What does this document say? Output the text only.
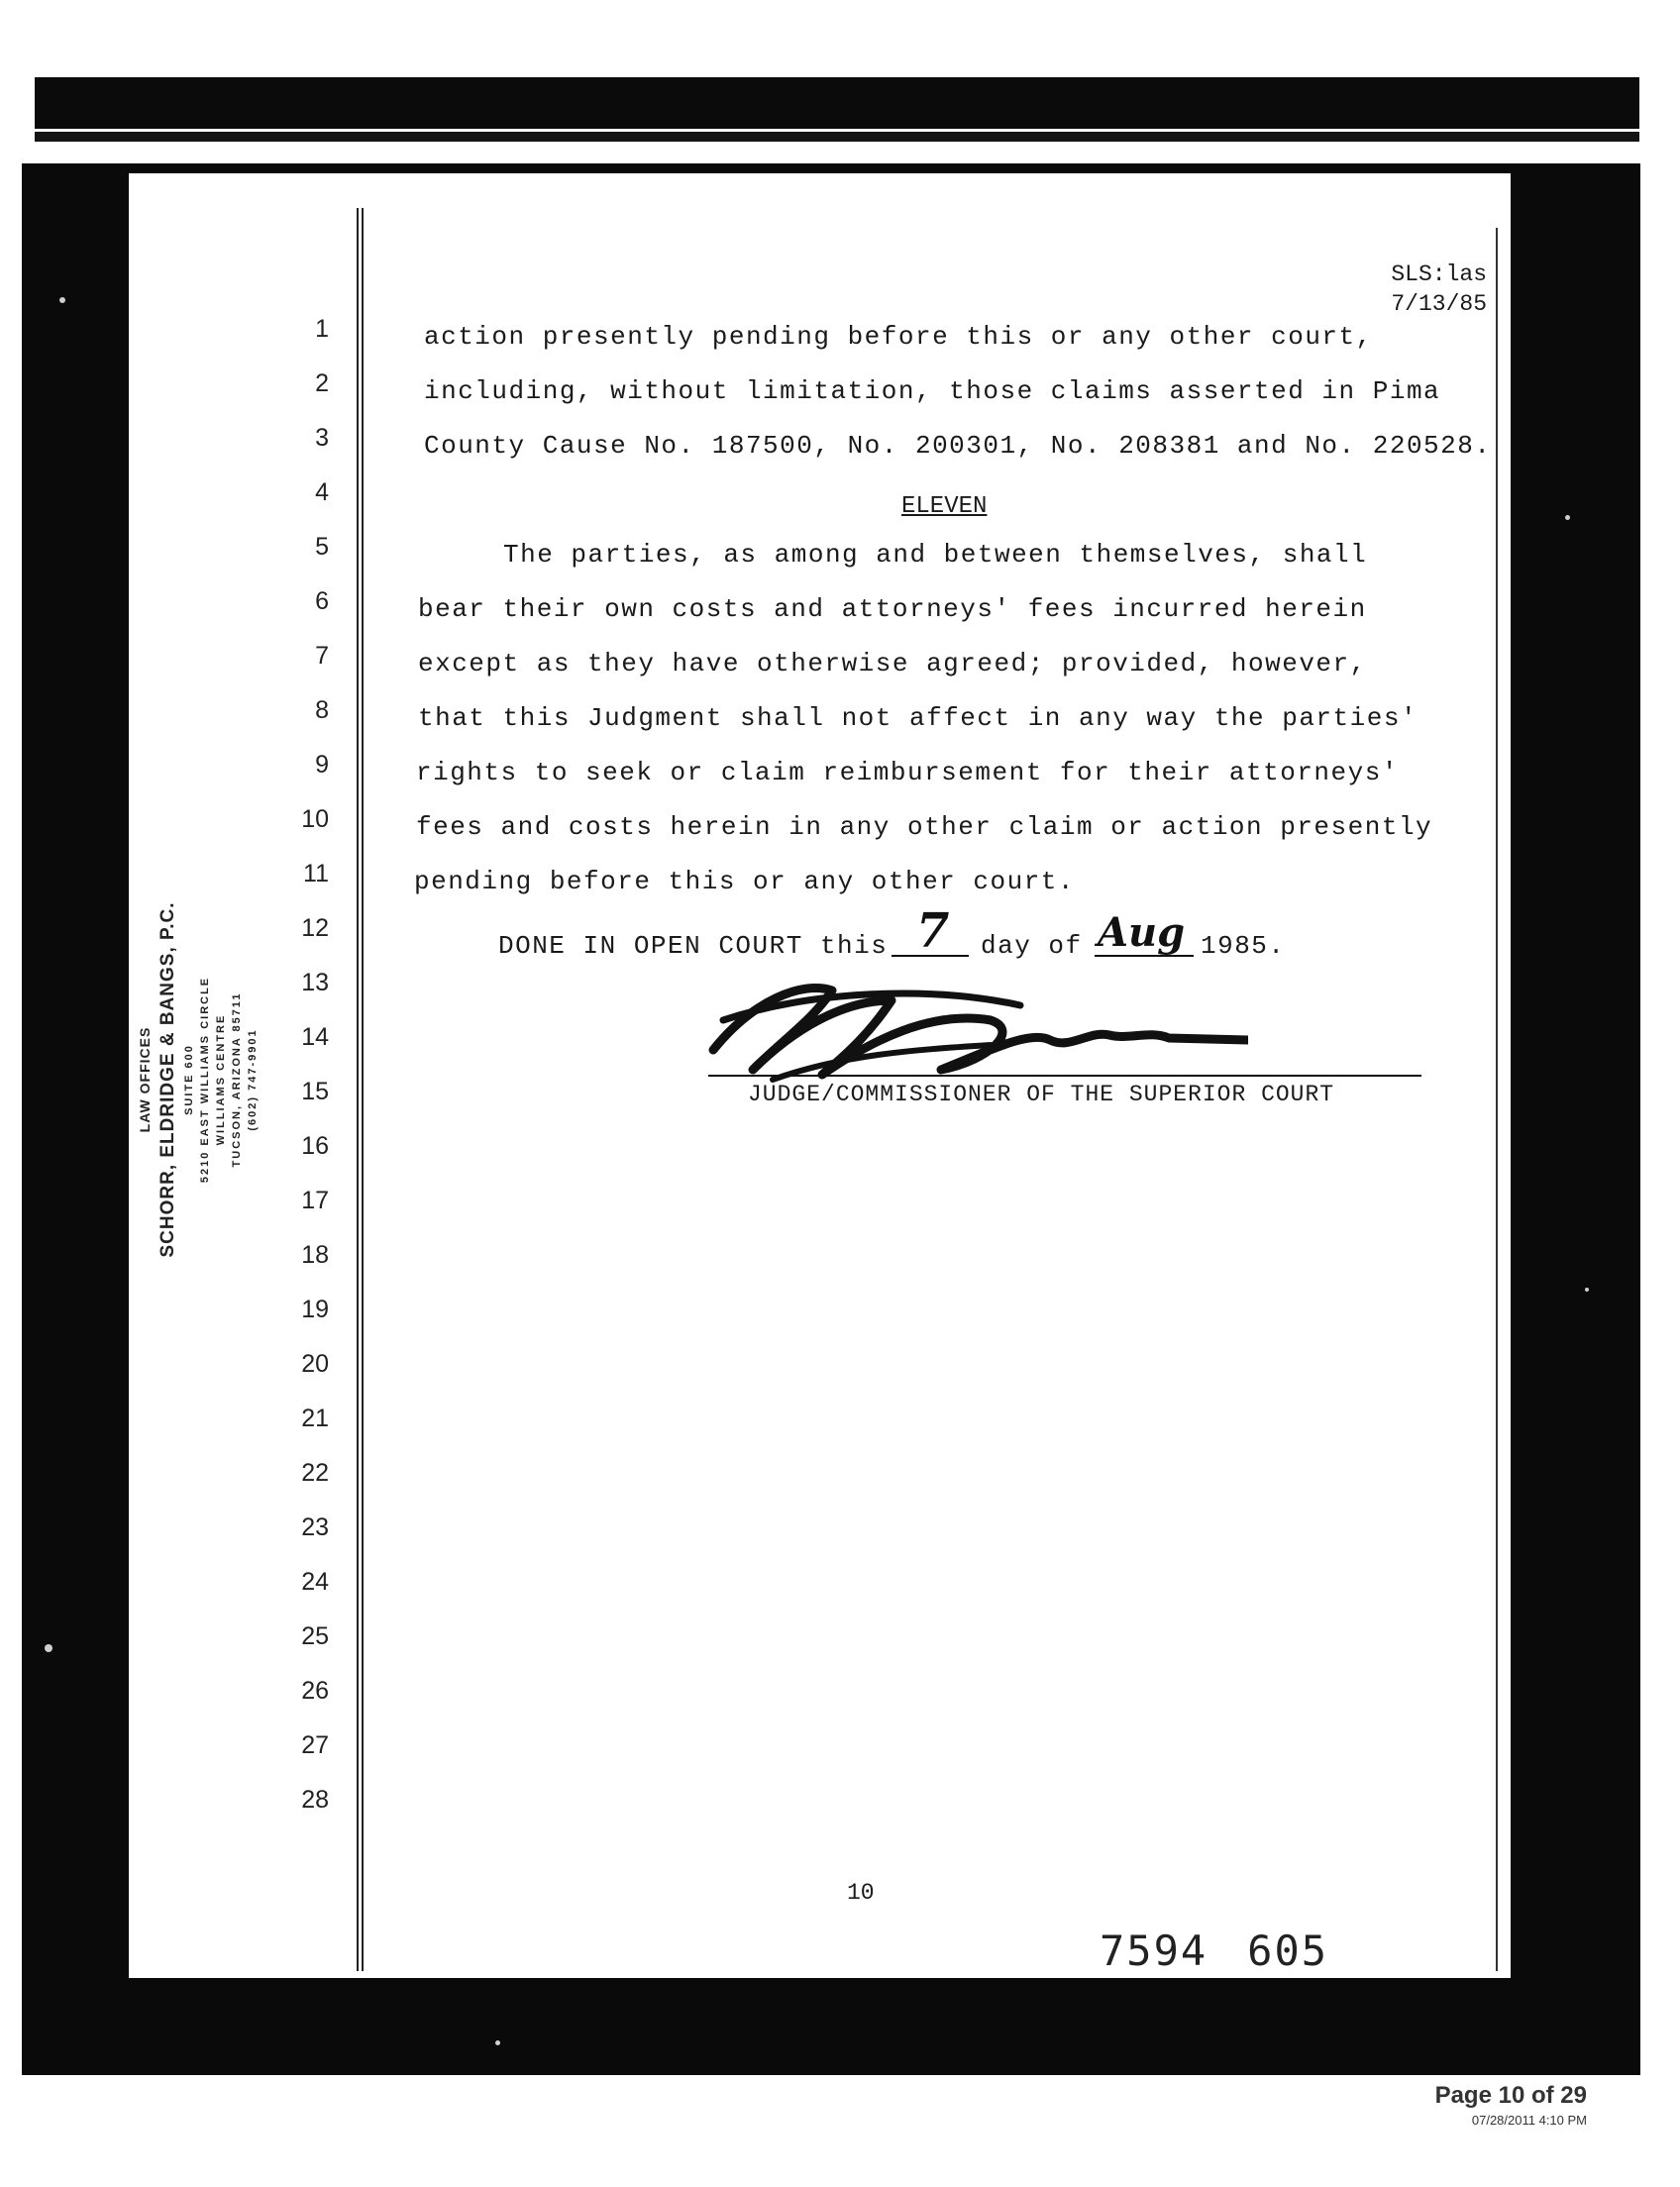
1
2
3
4
5
6
7
8
9
10
11
12
13
14
15
16
17
18
19
20
21
22
23
24
25
26
27
28
LAW OFFICES SCHORR, ELDRIDGE & BANGS, P.C. SUITE 600 5210 EAST WILLIAMS CIRCLE WILLIAMS CENTRE TUCSON, ARIZONA 85711 (602) 747-9901
SLS:las
7/13/85
action presently pending before this or any other court,
including, without limitation, those claims asserted in Pima
County Cause No. 187500, No. 200301, No. 208381 and No. 220528.
ELEVEN
The parties, as among and between themselves, shall
bear their own costs and attorneys' fees incurred herein
except as they have otherwise agreed; provided, however,
that this Judgment shall not affect in any way the parties'
rights to seek or claim reimbursement for their attorneys'
fees and costs herein in any other claim or action presently
pending before this or any other court.
DONE IN OPEN COURT this 7 day of Aug 1985.
JUDGE/COMMISSIONER OF THE SUPERIOR COURT
10
7594 605
Page 10 of 29
07/28/2011 4:10 PM
